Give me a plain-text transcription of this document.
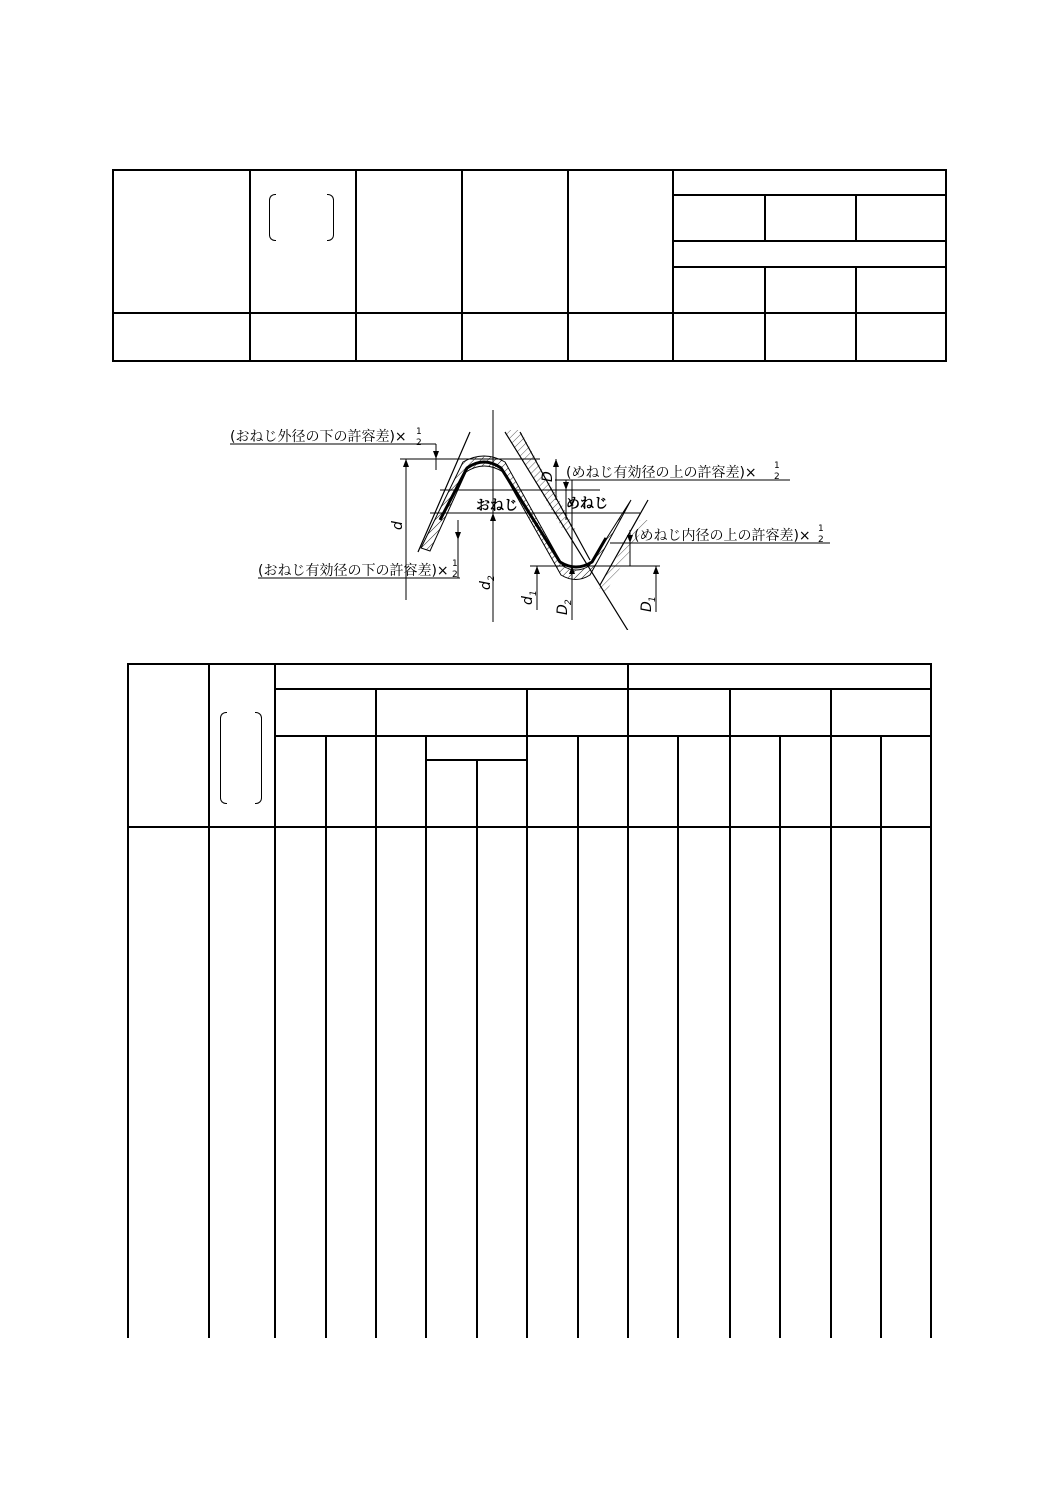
(おねじ外径の下の許容差)× 1
2
(めねじ有効径の上の許容差)× 1
2
(めねじ内径の上の許容差)× 1
2
(おねじ有効径の下の許容差)× 1
2
おねじ	めねじ
d
d
2
d
1
D
D
2	D
1
